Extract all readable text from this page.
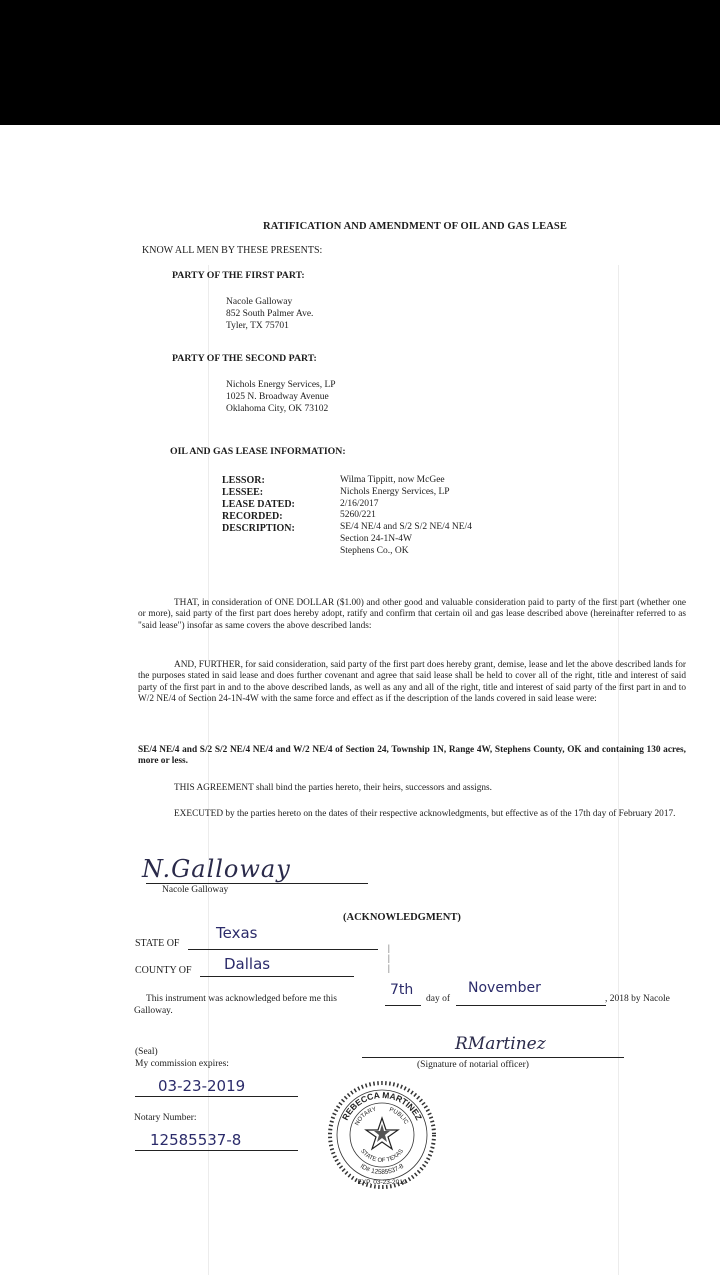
RATIFICATION AND AMENDMENT OF OIL AND GAS LEASE
KNOW ALL MEN BY THESE PRESENTS:
PARTY OF THE FIRST PART:
Nacole Galloway
852 South Palmer Ave.
Tyler, TX 75701
PARTY OF THE SECOND PART:
Nichols Energy Services, LP
1025 N. Broadway Avenue
Oklahoma City, OK 73102
OIL AND GAS LEASE INFORMATION:
LESSOR:
LESSEE:
LEASE DATED:
RECORDED:
DESCRIPTION:
Wilma Tippitt, now McGee
Nichols Energy Services, LP
2/16/2017
5260/221
SE/4 NE/4 and S/2 S/2 NE/4 NE/4
Section 24-1N-4W
Stephens Co., OK
THAT, in consideration of ONE DOLLAR ($1.00) and other good and valuable consideration paid to party of the first part (whether one or more), said party of the first part does hereby adopt, ratify and confirm that certain oil and gas lease described above (hereinafter referred to as "said lease") insofar as same covers the above described lands:
AND, FURTHER, for said consideration, said party of the first part does hereby grant, demise, lease and let the above described lands for the purposes stated in said lease and does further covenant and agree that said lease shall be held to cover all of the right, title and interest of said party of the first part in and to the above described lands, as well as any and all of the right, title and interest of said party of the first part in and to W/2 NE/4 of Section 24-1N-4W with the same force and effect as if the description of the lands covered in said lease were:
SE/4 NE/4 and S/2 S/2 NE/4 NE/4 and W/2 NE/4 of Section 24, Township 1N, Range 4W, Stephens County, OK and containing 130 acres, more or less.
THIS AGREEMENT shall bind the parties hereto, their heirs, successors and assigns.
EXECUTED by the parties hereto on the dates of their respective acknowledgments, but effective as of the 17th day of February 2017.
N.Galloway
Nacole Galloway
(ACKNOWLEDGMENT)
STATE OF
Texas
COUNTY OF Dallas
|
|
|
This instrument was acknowledged before me this
7th
day of
November
, 2018 by Nacole
Galloway.
(Seal)
My commission expires:
RMartinez
(Signature of notarial officer)
03-23-2019
Notary Number:
12585537-8
REBECCA MARTINEZ
NOTARY PUBLIC
STATE OF TEXAS
ID# 12585537-8
EXP. 03-23-2019
